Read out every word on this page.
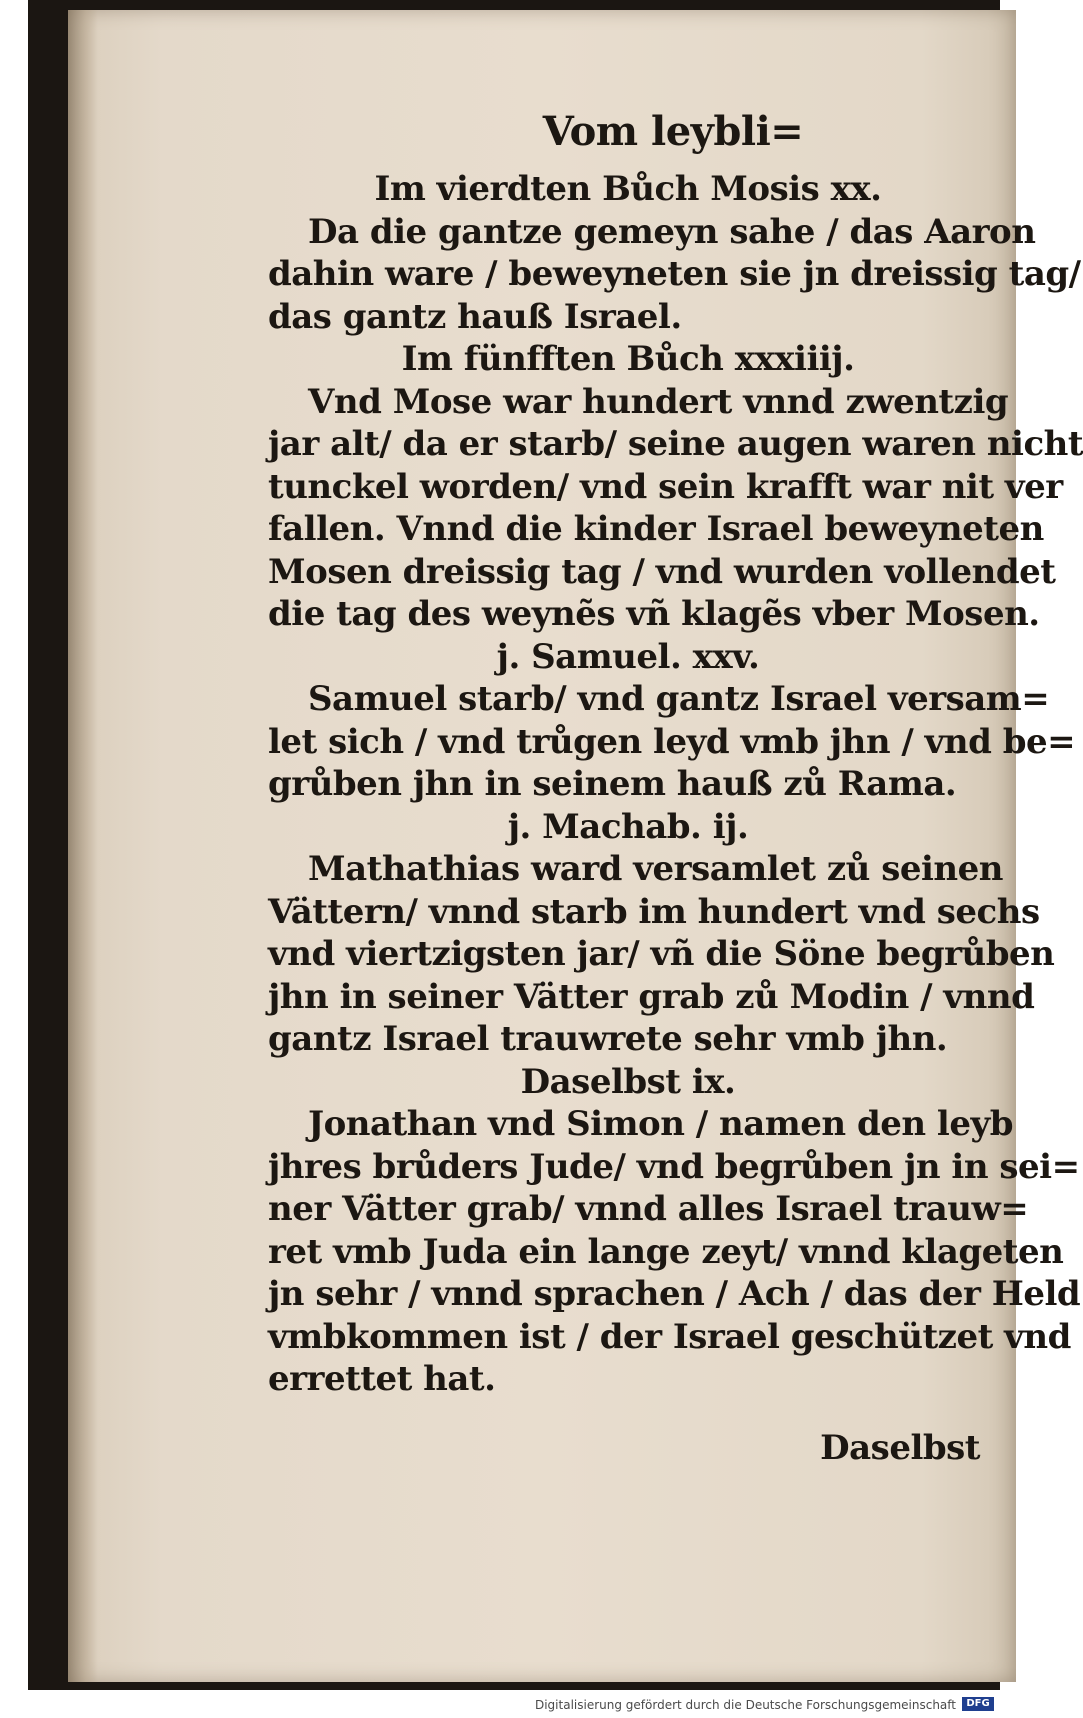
Vom leybli=
Im vierdten Bůch Mosis xx.
Da die gantze gemeyn sahe / das Aaron
dahin ware / beweyneten sie jn dreissig tag/
das gantz hauß Israel.
Im fünfften Bůch xxxiiij.
Vnd Mose war hundert vnnd zwentzig
jar alt/ da er starb/ seine augen waren nicht
tunckel worden/ vnd sein krafft war nit ver
fallen. Vnnd die kinder Israel beweyneten
Mosen dreissig tag / vnd wurden vollendet
die tag des weynẽs vñ klagẽs vber Mosen.
j. Samuel. xxv.
Samuel starb/ vnd gantz Israel versam=
let sich / vnd trůgen leyd vmb jhn / vnd be=
grůben jhn in seinem hauß zů Rama.
j. Machab. ij.
Mathathias ward versamlet zů seinen
Vättern/ vnnd starb im hundert vnd sechs
vnd viertzigsten jar/ vñ die Söne begrůben
jhn in seiner Vätter grab zů Modin / vnnd
gantz Israel trauwrete sehr vmb jhn.
Daselbst ix.
Jonathan vnd Simon / namen den leyb
jhres brůders Jude/ vnd begrůben jn in sei=
ner Vätter grab/ vnnd alles Israel trauw=
ret vmb Juda ein lange zeyt/ vnnd klageten
jn sehr / vnnd sprachen / Ach / das der Held
vmbkommen ist / der Israel geschützet vnd
errettet hat.
Daselbst
Digitalisierung gefördert durch die Deutsche Forschungsgemeinschaft	DFG
